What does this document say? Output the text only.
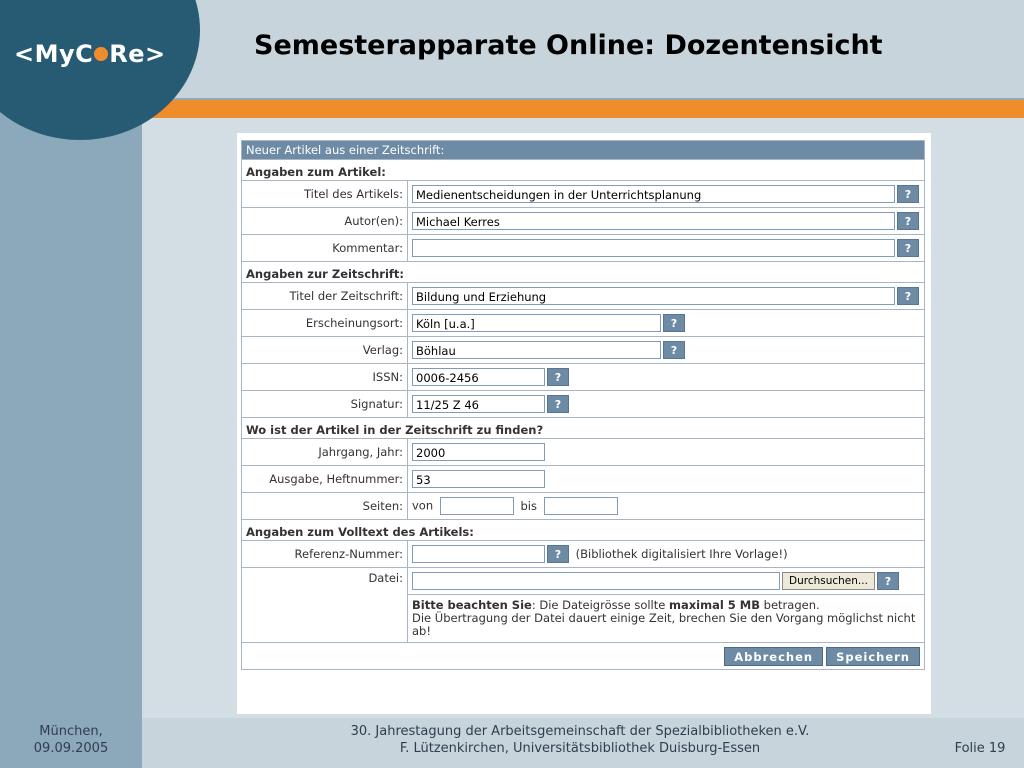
<MyC Re>	Semesterapparate Online: Dozentensicht
Neuer Artikel aus einer Zeitschrift:	
Angaben zum Artikel:	
Titel des Artikels:	Medienentscheidungen in der Unterrichtsplanung ?
Autor(en):	Michael Kerres ?
Kommentar:	?
Angaben zur Zeitschrift:	
Titel der Zeitschrift:	Bildung und Erziehung ?
Erscheinungsort:	Köln [u.a.] ?
Verlag:	Böhlau ?
ISSN:	0006-2456 ?
Signatur:	11/25 Z 46 ?
Wo ist der Artikel in der Zeitschrift zu finden?	
Jahrgang, Jahr:	2000
Ausgabe, Heftnummer:	53
Seiten:	von bis
Angaben zum Volltext des Artikels:	
Referenz-Nummer:	? (Bibliothek digitalisiert Ihre Vorlage!)
Datei:	Durchsuchen... ?

	Bitte beachten Sie: Die Dateigrösse sollte maximal 5 MB betragen.
Die Übertragung der Datei dauert einige Zeit, brechen Sie den Vorgang möglichst nicht ab!

Abbrechen Speichern	
München,
09.09.2005
30. Jahrestagung der Arbeitsgemeinschaft der Spezialbibliotheken e.V.
F. Lützenkirchen, Universitätsbibliothek Duisburg-Essen	Folie 19
